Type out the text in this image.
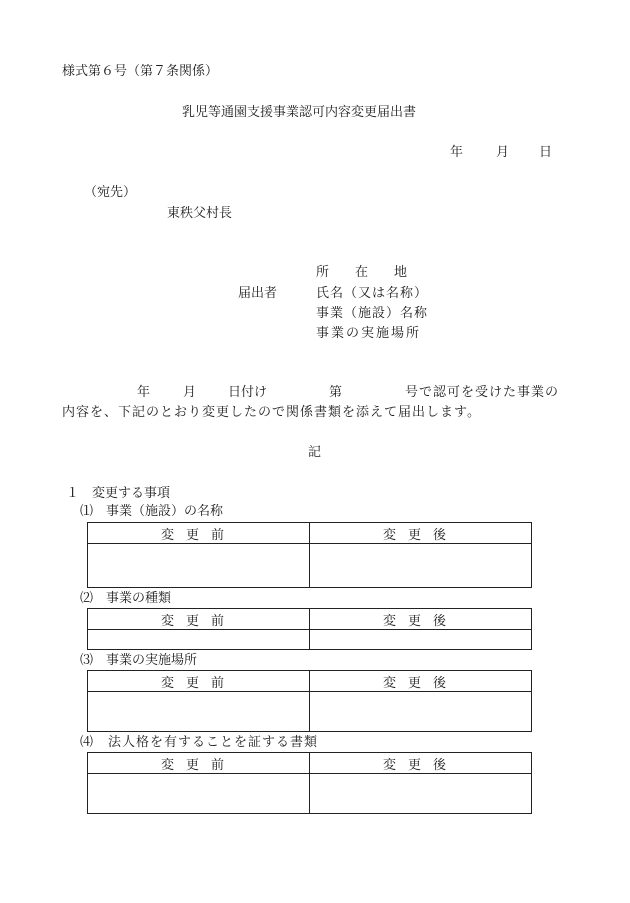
様式第６号（第７条関係）
乳児等通園支援事業認可内容変更届出書
年	月 日
（宛先）
東秩父村長
届出者
所　　在　　地
氏名（又は名称）
事業（施設）名称
事業の実施場所
年	月 日付け	第	号で認可を受けた事業の
内容を、下記のとおり変更したので関係書類を添えて届出します。
記
１　変更する事項
⑴　事業（施設）の名称
変更前	変更後

⑵　事業の種類
変更前	変更後

⑶　事業の実施場所
変更前	変更後

⑷　法人格を有することを証する書類
変更前	変更後
